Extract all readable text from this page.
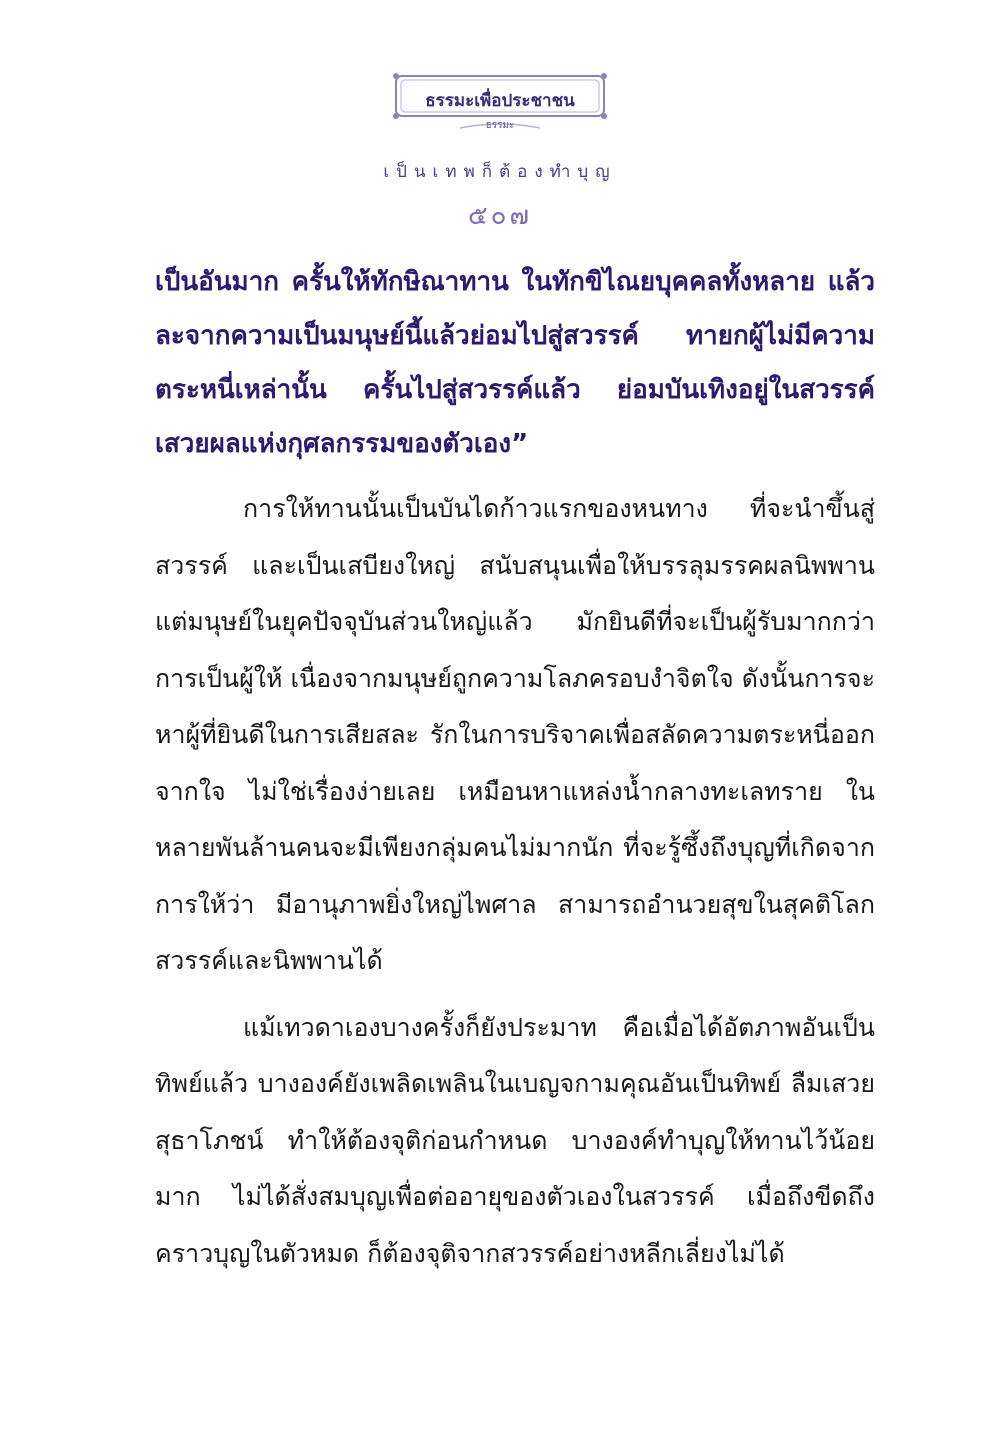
ธรรมะเพื่อประชาชน
ธรรมะ
เป็นเทพก็ต้องทำบุญ
๕๐๗

เป็นอันมาก ครั้นให้ทักษิณาทาน ในทักขิไณยบุคคลทั้งหลาย แล้ว ละจากความเป็นมนุษย์นี้แล้วย่อมไปสู่สวรรค์ ทายกผู้ไม่มีความตระหนี่เหล่านั้น ครั้นไปสู่สวรรค์แล้ว ย่อมบันเทิงอยู่ในสวรรค์เสวยผลแห่งกุศลกรรมของตัวเอง”

การให้ทานนั้นเป็นบันไดก้าวแรกของหนทาง ที่จะนำขึ้นสู่สวรรค์ และเป็นเสบียงใหญ่ สนับสนุนเพื่อให้บรรลุมรรคผลนิพพาน แต่มนุษย์ในยุคปัจจุบันส่วนใหญ่แล้ว มักยินดีที่จะเป็นผู้รับมากกว่าการเป็นผู้ให้ เนื่องจากมนุษย์ถูกความโลภครอบงำจิตใจ ดังนั้นการจะหาผู้ที่ยินดีในการเสียสละ รักในการบริจาคเพื่อสลัดความตระหนี่ออกจากใจ ไม่ใช่เรื่องง่ายเลย เหมือนหาแหล่งน้ำกลางทะเลทราย ในหลายพันล้านคนจะมีเพียงกลุ่มคนไม่มากนัก ที่จะรู้ซึ้งถึงบุญที่เกิดจากการให้ว่า มีอานุภาพยิ่งใหญ่ไพศาล สามารถอำนวยสุขในสุคติโลกสวรรค์และนิพพานได้

แม้เทวดาเองบางครั้งก็ยังประมาท คือเมื่อได้อัตภาพอันเป็นทิพย์แล้ว บางองค์ยังเพลิดเพลินในเบญจกามคุณอันเป็นทิพย์ ลืมเสวยสุธาโภชน์ ทำให้ต้องจุติก่อนกำหนด บางองค์ทำบุญให้ทานไว้น้อยมาก ไม่ได้สั่งสมบุญเพื่อต่ออายุของตัวเองในสวรรค์ เมื่อถึงขีดถึงคราวบุญในตัวหมด ก็ต้องจุติจากสวรรค์อย่างหลีกเลี่ยงไม่ได้
